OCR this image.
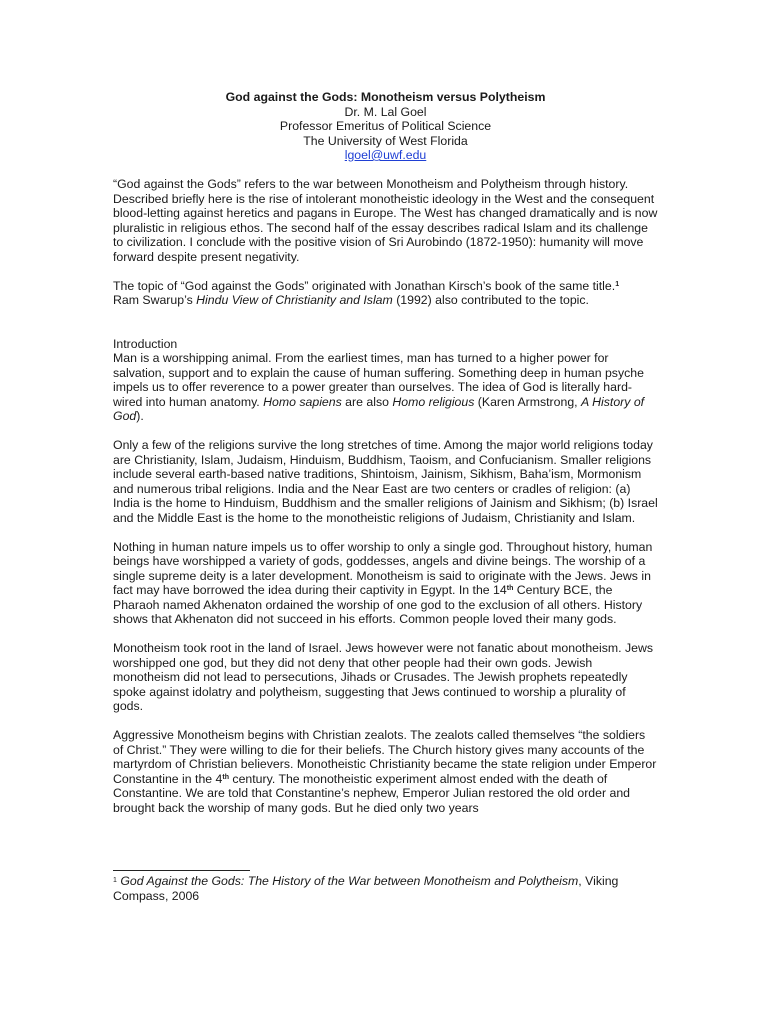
God against the Gods: Monotheism versus Polytheism
Dr. M. Lal Goel
Professor Emeritus of Political Science
The University of West Florida
lgoel@uwf.edu

“God against the Gods” refers to the war between Monotheism and Polytheism through history. Described briefly here is the rise of intolerant monotheistic ideology in the West and the consequent blood-letting against heretics and pagans in Europe. The West has changed dramatically and is now pluralistic in religious ethos. The second half of the essay describes radical Islam and its challenge to civilization. I conclude with the positive vision of Sri Aurobindo (1872-1950): humanity will move forward despite present negativity.

The topic of “God against the Gods” originated with Jonathan Kirsch’s book of the same title.$^1$
Ram Swarup’s Hindu View of Christianity and Islam (1992) also contributed to the topic.

Introduction

Man is a worshipping animal. From the earliest times, man has turned to a higher power for salvation, support and to explain the cause of human suffering. Something deep in human psyche impels us to offer reverence to a power greater than ourselves. The idea of God is literally hard-wired into human anatomy. Homo sapiens are also Homo religious (Karen Armstrong, A History of God).

Only a few of the religions survive the long stretches of time. Among the major world religions today are Christianity, Islam, Judaism, Hinduism, Buddhism, Taoism, and Confucianism. Smaller religions include several earth-based native traditions, Shintoism, Jainism, Sikhism, Baha’ism, Mormonism and numerous tribal religions. India and the Near East are two centers or cradles of religion: (a) India is the home to Hinduism, Buddhism and the smaller religions of Jainism and Sikhism; (b) Israel and the Middle East is the home to the monotheistic religions of Judaism, Christianity and Islam.

Nothing in human nature impels us to offer worship to only a single god. Throughout history, human beings have worshipped a variety of gods, goddesses, angels and divine beings. The worship of a single supreme deity is a later development. Monotheism is said to originate with the Jews. Jews in fact may have borrowed the idea during their captivity in Egypt. In the 14th Century BCE, the Pharaoh named Akhenaton ordained the worship of one god to the exclusion of all others. History shows that Akhenaton did not succeed in his efforts. Common people loved their many gods.

Monotheism took root in the land of Israel. Jews however were not fanatic about monotheism. Jews worshipped one god, but they did not deny that other people had their own gods. Jewish monotheism did not lead to persecutions, Jihads or Crusades. The Jewish prophets repeatedly spoke against idolatry and polytheism, suggesting that Jews continued to worship a plurality of gods.

Aggressive Monotheism begins with Christian zealots. The zealots called themselves “the soldiers of Christ.” They were willing to die for their beliefs. The Church history gives many accounts of the martyrdom of Christian believers. Monotheistic Christianity became the state religion under Emperor Constantine in the 4th century. The monotheistic experiment almost ended with the death of Constantine. We are told that Constantine’s nephew, Emperor Julian restored the old order and brought back the worship of many gods. But he died only two years

$^1$ God Against the Gods: The History of the War between Monotheism and Polytheism, Viking Compass, 2006
